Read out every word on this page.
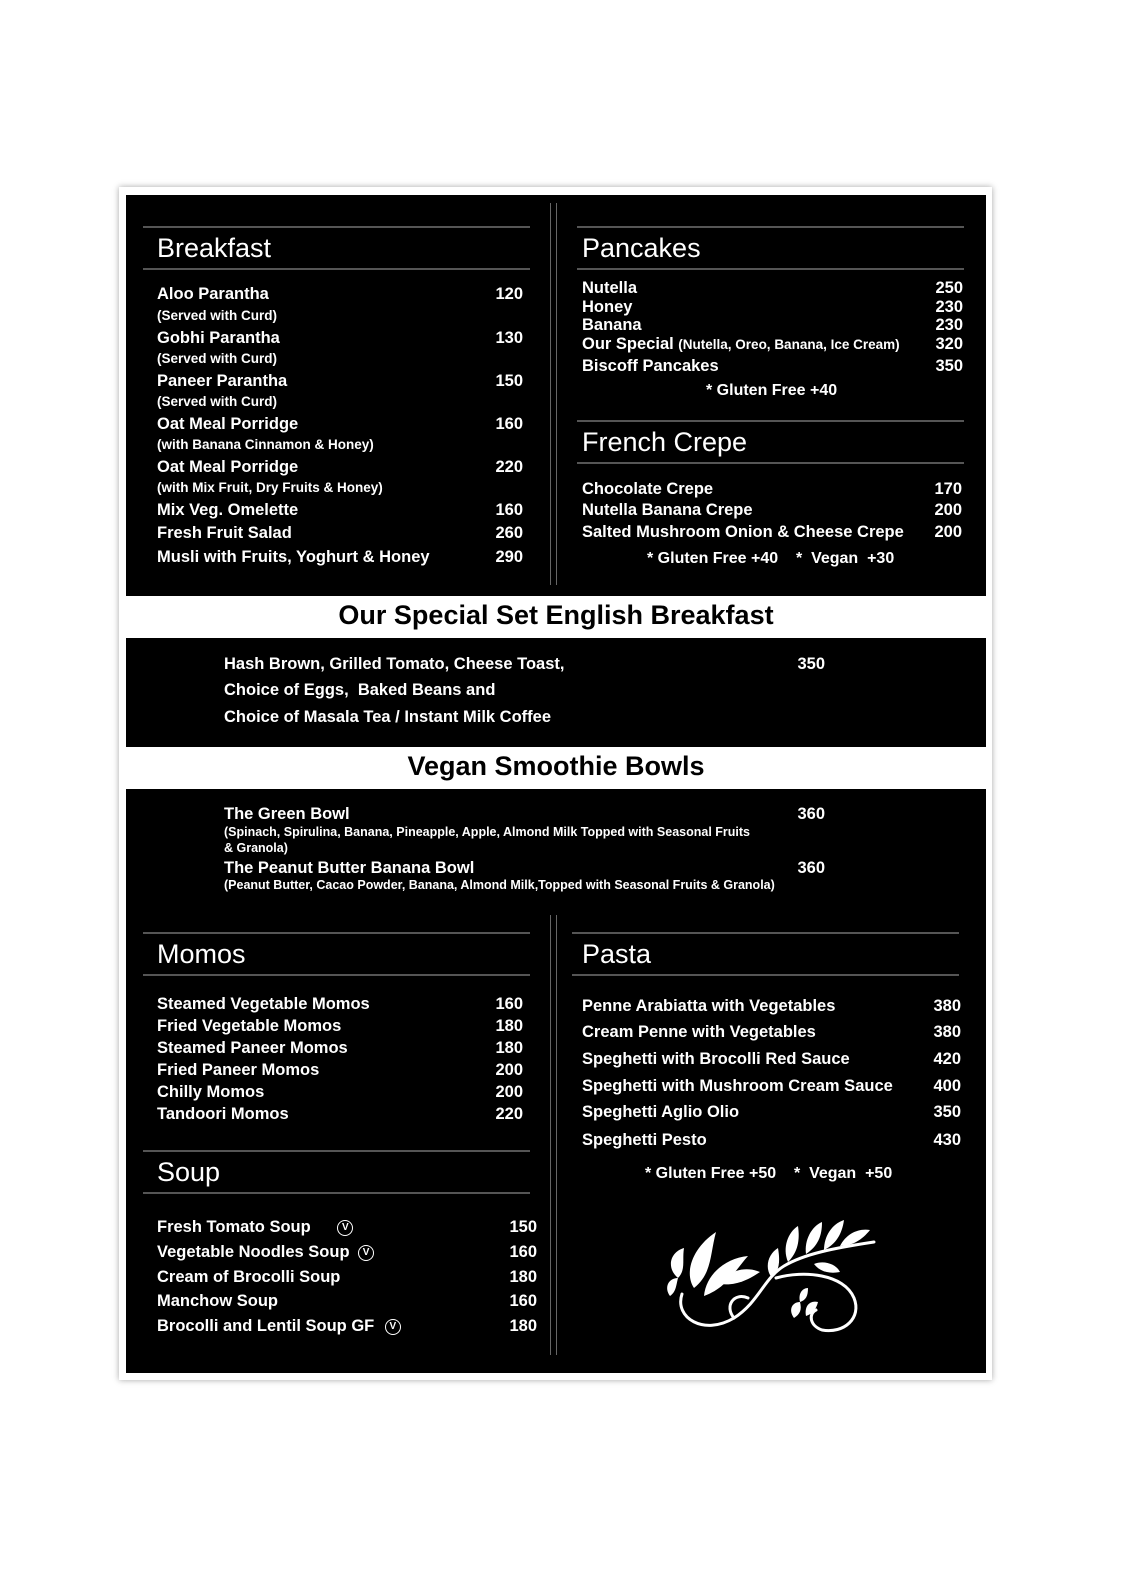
Breakfast
Aloo Parantha	120
(Served with Curd)
Gobhi Parantha	130
(Served with Curd)
Paneer Parantha	150
(Served with Curd)
Oat Meal Porridge	160
(with Banana Cinnamon & Honey)
Oat Meal Porridge	220
(with Mix Fruit, Dry Fruits & Honey)
Mix Veg. Omelette	160
Fresh Fruit Salad	260
Musli with Fruits, Yoghurt & Honey	290
Pancakes
Nutella	250
Honey	230
Banana	230
Our Special (Nutella, Oreo, Banana, Ice Cream)	320
Biscoff Pancakes	350
* Gluten Free +40
French Crepe
Chocolate Crepe	170
Nutella Banana Crepe	200
Salted Mushroom Onion & Cheese Crepe	200
* Gluten Free +40    *  Vegan  +30
Our Special Set English Breakfast
Hash Brown, Grilled Tomato, Cheese Toast,
Choice of Eggs,  Baked Beans and
Choice of Masala Tea / Instant Milk Coffee
350
Vegan Smoothie Bowls
The Green Bowl	360
(Spinach, Spirulina, Banana, Pineapple, Apple, Almond Milk Topped with Seasonal Fruits
& Granola)
The Peanut Butter Banana Bowl	360
(Peanut Butter, Cacao Powder, Banana, Almond Milk,Topped with Seasonal Fruits & Granola)
Momos
Steamed Vegetable Momos	160
Fried Vegetable Momos	180
Steamed Paneer Momos	180
Fried Paneer Momos	200
Chilly Momos	200
Tandoori Momos	220
Soup
Fresh Tomato Soup	V	150
Vegetable Noodles Soup V	160
Cream of Brocolli Soup	180
Manchow Soup	160
Brocolli and Lentil Soup GF V	180
Pasta
Penne Arabiatta with Vegetables	380
Cream Penne with Vegetables	380
Speghetti with Brocolli Red Sauce	420
Speghetti with Mushroom Cream Sauce	400
Speghetti Aglio Olio	350
Speghetti Pesto	430
* Gluten Free +50    *  Vegan  +50
